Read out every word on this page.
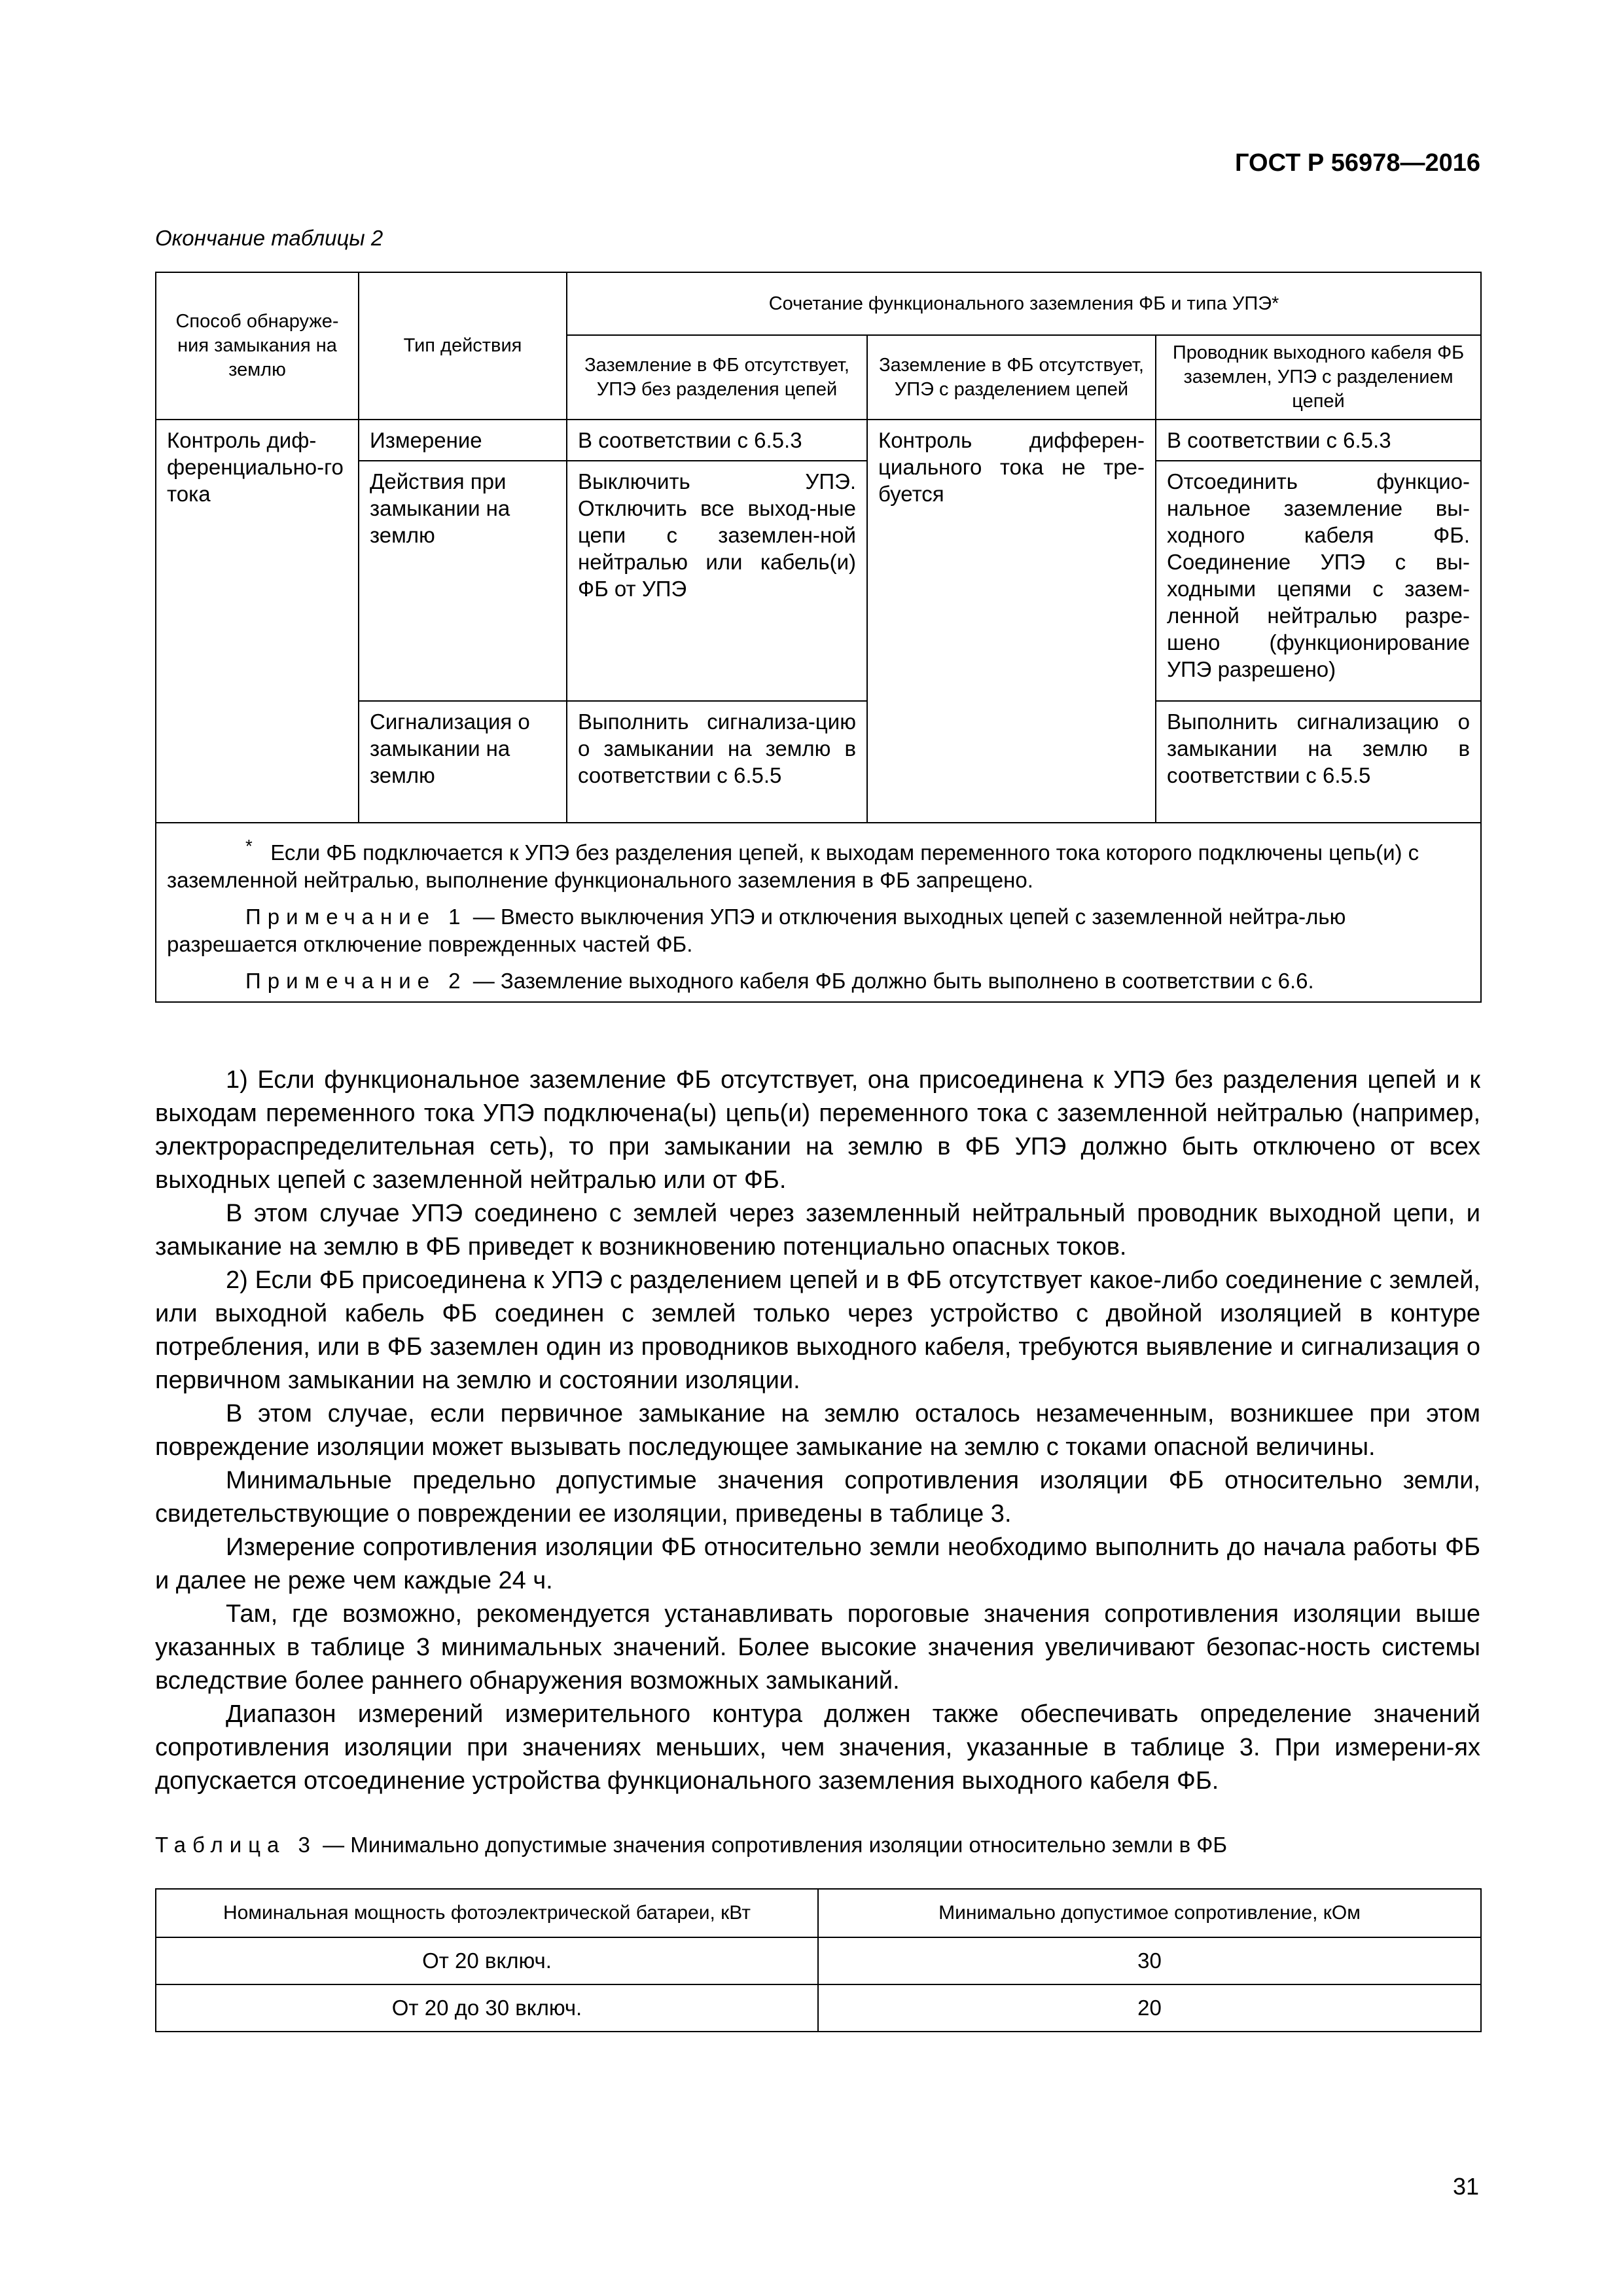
ГОСТ Р 56978—2016
Окончание таблицы 2
Способ обнаруже-ния замыкания на землю	Тип действия	Сочетание функционального заземления ФБ и типа УПЭ*		
		Заземление в ФБ отсутствует, УПЭ без разделения цепей	Заземление в ФБ отсутствует, УПЭ с разделением цепей	Проводник выходного кабеля ФБ заземлен, УПЭ с разделением цепей
Контроль диф-ференциально-го тока	Измерение	В соответствии с 6.5.3	Контроль дифферен-циального тока не тре-буется	В соответствии с 6.5.3
	Действия при замыкании на землю	Выключить УПЭ. Отключить все выход-ные цепи с заземлен-ной нейтралью или кабель(и) ФБ от УПЭ		Отсоединить функцио-нальное заземление вы-ходного кабеля ФБ. Соединение УПЭ с вы-ходными цепями с зазем-ленной нейтралью разре-шено (функционирование УПЭ разрешено)
	Сигнализация о замыкании на землю	Выполнить сигнализа-цию о замыкании на землю в соответствии с 6.5.5		Выполнить сигнализацию о замыкании на землю в соответствии с 6.5.5

* Если ФБ подключается к УПЭ без разделения цепей, к выходам переменного тока которого подключены цепь(и) с заземленной нейтралью, выполнение функционального заземления в ФБ запрещено.

Примечание 1 — Вместо выключения УПЭ и отключения выходных цепей с заземленной нейтра-лью разрешается отключение поврежденных частей ФБ.

Примечание 2 — Заземление выходного кабеля ФБ должно быть выполнено в соответствии с 6.6.				

1) Если функциональное заземление ФБ отсутствует, она присоединена к УПЭ без разделения цепей и к выходам переменного тока УПЭ подключена(ы) цепь(и) переменного тока с заземленной нейтралью (например, электрораспределительная сеть), то при замыкании на землю в ФБ УПЭ должно быть отключено от всех выходных цепей с заземленной нейтралью или от ФБ.

В этом случае УПЭ соединено с землей через заземленный нейтральный проводник выходной цепи, и замыкание на землю в ФБ приведет к возникновению потенциально опасных токов.

2) Если ФБ присоединена к УПЭ с разделением цепей и в ФБ отсутствует какое-либо соединение с землей, или выходной кабель ФБ соединен с землей только через устройство с двойной изоляцией в контуре потребления, или в ФБ заземлен один из проводников выходного кабеля, требуются выявление и сигнализация о первичном замыкании на землю и состоянии изоляции.

В этом случае, если первичное замыкание на землю осталось незамеченным, возникшее при этом повреждение изоляции может вызывать последующее замыкание на землю с токами опасной величины.

Минимальные предельно допустимые значения сопротивления изоляции ФБ относительно земли, свидетельствующие о повреждении ее изоляции, приведены в таблице 3.

Измерение сопротивления изоляции ФБ относительно земли необходимо выполнить до начала работы ФБ и далее не реже чем каждые 24 ч.

Там, где возможно, рекомендуется устанавливать пороговые значения сопротивления изоляции выше указанных в таблице 3 минимальных значений. Более высокие значения увеличивают безопас-ность системы вследствие более раннего обнаружения возможных замыканий.

Диапазон измерений измерительного контура должен также обеспечивать определение значений сопротивления изоляции при значениях меньших, чем значения, указанные в таблице 3. При измерени-ях допускается отсоединение устройства функционального заземления выходного кабеля ФБ.

Таблица 3 — Минимально допустимые значения сопротивления изоляции относительно земли в ФБ
Номинальная мощность фотоэлектрической батареи, кВт	Минимально допустимое сопротивление, кОм
От 20 включ.	30
От 20 до 30 включ.	20
31
